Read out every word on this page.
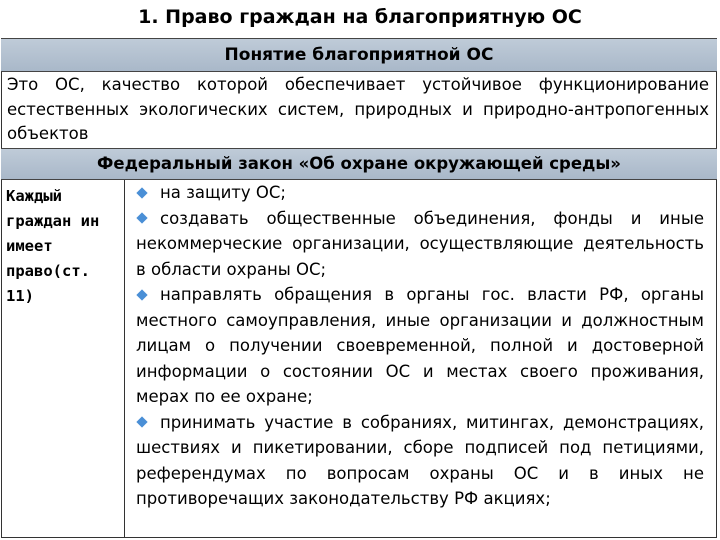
1. Право граждан на благоприятную ОС
Понятие благоприятной ОС
Это ОС, качество которой обеспечивает устойчивое функционирование естественных экологических систем, природных и природно-антропогенных объектов
Федеральный закон «Об охране окружающей среды»
Каждый граждан ин имеет право(ст. 11)
на защиту ОС;
создавать общественные объединения, фонды и иные некоммерческие организации, осуществляющие деятельность в области охраны ОС;
направлять обращения в органы гос. власти РФ, органы местного самоуправления, иные организации и должностным лицам о получении своевременной, полной и достоверной информации о состоянии ОС и местах своего проживания, мерах по ее охране;
принимать участие в собраниях, митингах, демонстрациях, шествиях и пикетировании, сборе подписей под петициями, референдумах по вопросам охраны ОС и в иных не противоречащих законодательству РФ акциях;
